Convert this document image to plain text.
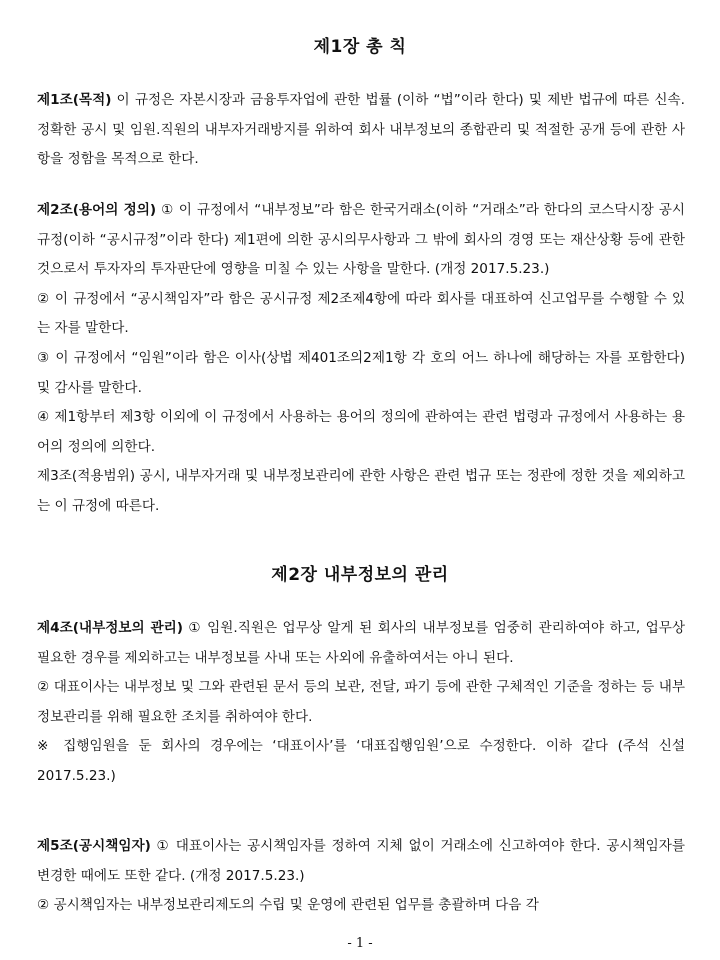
제1장 총 칙
제1조(목적) 이 규정은 자본시장과 금융투자업에 관한 법률 (이하 “법”이라 한다) 및 제반 법규에 따른 신속.정확한 공시 및 임원.직원의 내부자거래방지를 위하여 회사 내부정보의 종합관리 및 적절한 공개 등에 관한 사항을 정함을 목적으로 한다.
제2조(용어의 정의) ① 이 규정에서 “내부정보”라 함은 한국거래소(이하 “거래소”라 한다의 코스닥시장 공시규정(이하 “공시규정”이라 한다) 제1편에 의한 공시의무사항과 그 밖에 회사의 경영 또는 재산상황 등에 관한 것으로서 투자자의 투자판단에 영향을 미칠 수 있는 사항을 말한다. (개정 2017.5.23.)
② 이 규정에서 “공시책임자”라 함은 공시규정 제2조제4항에 따라 회사를 대표하여 신고업무를 수행할 수 있는 자를 말한다.
③ 이 규정에서 “임원”이라 함은 이사(상법 제401조의2제1항 각 호의 어느 하나에 해당하는 자를 포함한다) 및 감사를 말한다.
④ 제1항부터 제3항 이외에 이 규정에서 사용하는 용어의 정의에 관하여는 관련 법령과 규정에서 사용하는 용어의 정의에 의한다.
제3조(적용범위) 공시, 내부자거래 및 내부정보관리에 관한 사항은 관련 법규 또는 정관에 정한 것을 제외하고는 이 규정에 따른다.
제2장 내부정보의 관리
제4조(내부정보의 관리) ① 임원.직원은 업무상 알게 된 회사의 내부정보를 엄중히 관리하여야 하고, 업무상 필요한 경우를 제외하고는 내부정보를 사내 또는 사외에 유출하여서는 아니 된다.
② 대표이사는 내부정보 및 그와 관련된 문서 등의 보관, 전달, 파기 등에 관한 구체적인 기준을 정하는 등 내부정보관리를 위해 필요한 조치를 취하여야 한다.
※ 집행임원을 둔 회사의 경우에는 ‘대표이사’를 ‘대표집행임원’으로 수정한다. 이하 같다 (주석 신설 2017.5.23.)
제5조(공시책임자) ① 대표이사는 공시책임자를 정하여 지체 없이 거래소에 신고하여야 한다. 공시책임자를 변경한 때에도 또한 같다. (개정 2017.5.23.)
② 공시책임자는 내부정보관리제도의 수립 및 운영에 관련된 업무를 총괄하며 다음 각
- 1 -
